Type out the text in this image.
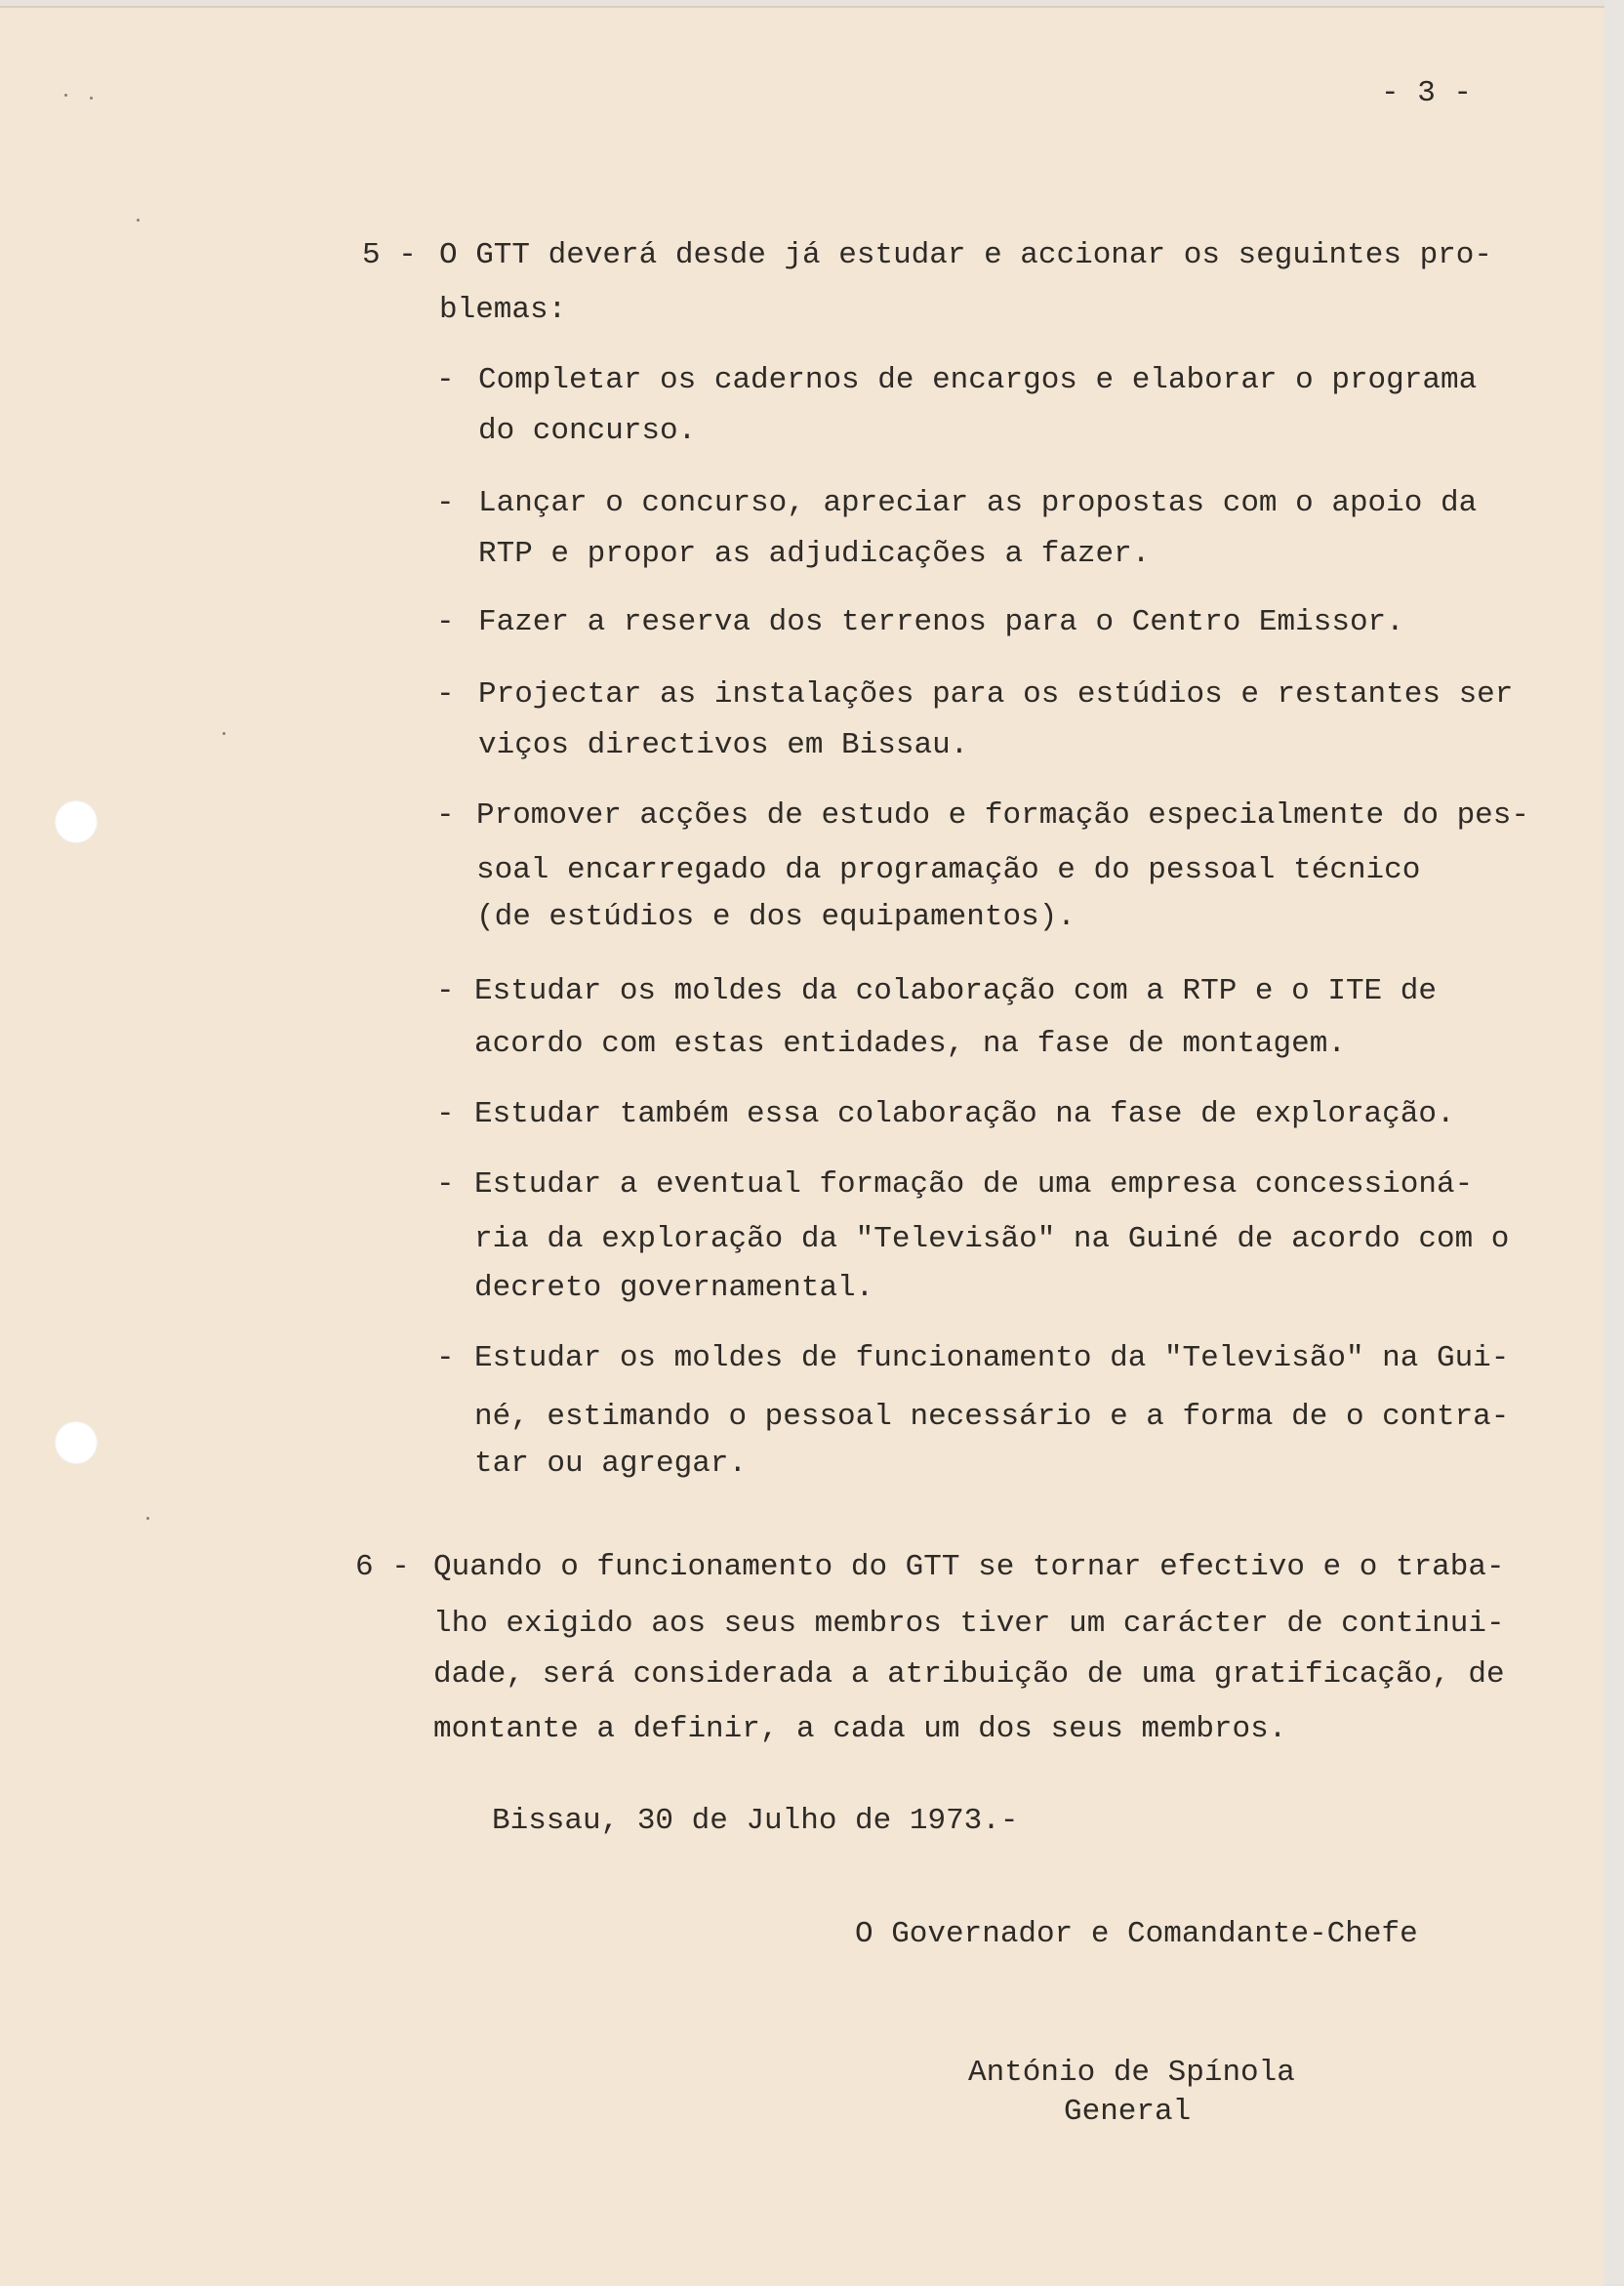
- 3 -
5 - O GTT deverá desde já estudar e accionar os seguintes pro-
blemas:
- Completar os cadernos de encargos e elaborar o programa
do concurso.
- Lançar o concurso, apreciar as propostas com o apoio da
RTP e propor as adjudicações a fazer.
- Fazer a reserva dos terrenos para o Centro Emissor.
- Projectar as instalações para os estúdios e restantes ser
viços directivos em Bissau.
- Promover acções de estudo e formação especialmente do pes-
soal encarregado da programação e do pessoal técnico
(de estúdios e dos equipamentos).
- Estudar os moldes da colaboração com a RTP e o ITE de
acordo com estas entidades, na fase de montagem.
- Estudar também essa colaboração na fase de exploração.
- Estudar a eventual formação de uma empresa concessioná-
ria da exploração da "Televisão" na Guiné de acordo com o
decreto governamental.
- Estudar os moldes de funcionamento da "Televisão" na Gui-
né, estimando o pessoal necessário e a forma de o contra-
tar ou agregar.
6 - Quando o funcionamento do GTT se tornar efectivo e o traba-
lho exigido aos seus membros tiver um carácter de continui-
dade, será considerada a atribuição de uma gratificação, de
montante a definir, a cada um dos seus membros.
Bissau, 30 de Julho de 1973.-
O Governador e Comandante-Chefe
António de Spínola
General
